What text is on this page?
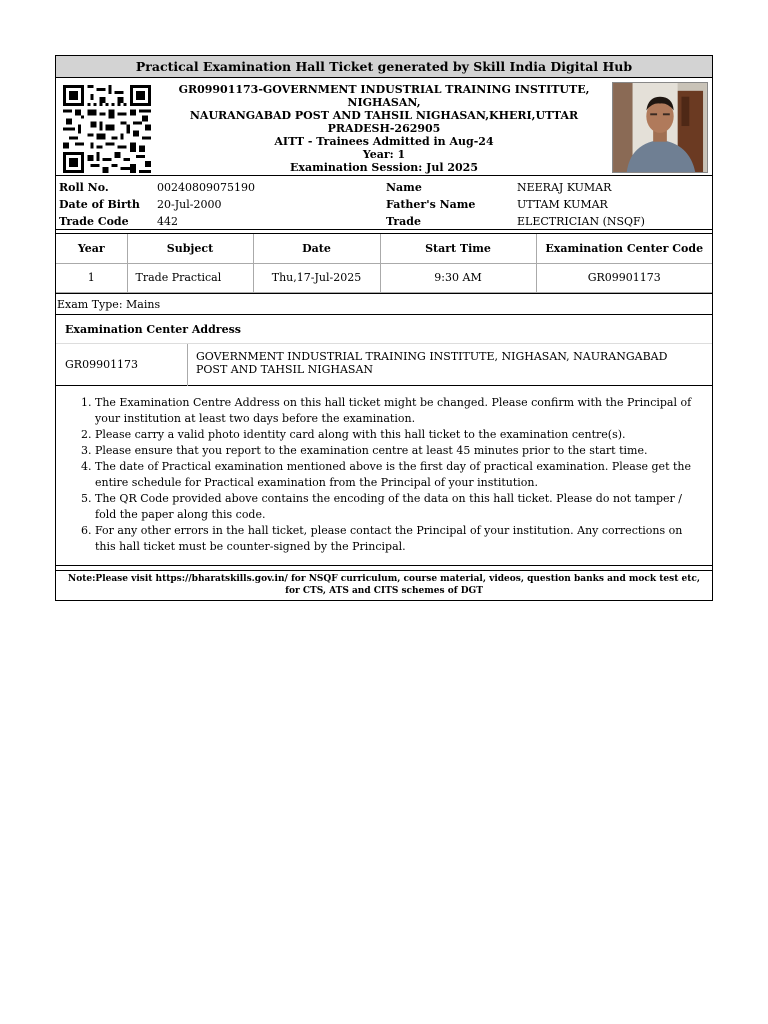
Practical Examination Hall Ticket generated by Skill India Digital Hub
GR09901173-GOVERNMENT INDUSTRIAL TRAINING INSTITUTE,
NIGHASAN,
NAURANGABAD POST AND TAHSIL NIGHASAN,KHERI,UTTAR
PRADESH-262905
AITT - Trainees Admitted in Aug-24
Year: 1
Examination Session: Jul 2025
Roll No.	00240809075190	Name	NEERAJ KUMAR
Date of Birth 20-Jul-2000	Father's Name	UTTAM KUMAR
Trade Code	442	Trade	ELECTRICIAN (NSQF)
Year	Subject	Date	Start Time	Examination Center Code
1	Trade Practical	Thu,17-Jul-2025	9:30 AM	GR09901173
Exam Type: Mains
Examination Center Address
GR09901173
GOVERNMENT INDUSTRIAL TRAINING INSTITUTE, NIGHASAN, NAURANGABAD POST AND TAHSIL NIGHASAN
1. The Examination Centre Address on this hall ticket might be changed. Please confirm with the Principal of your institution at least two days before the examination.
2. Please carry a valid photo identity card along with this hall ticket to the examination centre(s).
3. Please ensure that you report to the examination centre at least 45 minutes prior to the start time.
4. The date of Practical examination mentioned above is the first day of practical examination. Please get the entire schedule for Practical examination from the Principal of your institution.
5. The QR Code provided above contains the encoding of the data on this hall ticket. Please do not tamper / fold the paper along this code.
6. For any other errors in the hall ticket, please contact the Principal of your institution. Any corrections on this hall ticket must be counter-signed by the Principal.
Note:Please visit https://bharatskills.gov.in/ for NSQF curriculum, course material, videos, question banks and mock test etc, for CTS, ATS and CITS schemes of DGT
